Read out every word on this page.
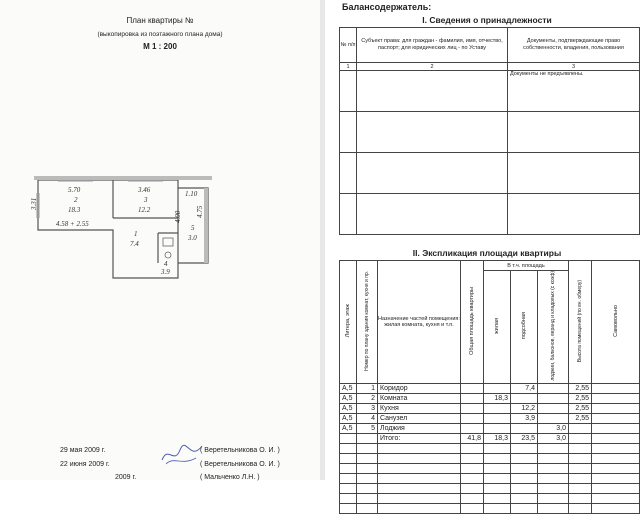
План квартиры №
(выкопировка из поэтажного плана дома)
М 1 : 200
5.70
2
18.3
3.46
3
12.2
3.31
1.10
4.75
4.00
4.58 + 2.55
1
7.4
4
3.9
5
3.0
29 мая 2009 г.	( Веретельникова О. И. )
22 июня 2009 г.	( Веретельникова О. И. )
2009 г.	( Мальченко Л.Н. )
Балансодержатель:
I. Сведения о принадлежности
№ п/п	Субъект права: для граждан - фамилия, имя, отчество, паспорт; для юридических лиц - по Уставу	Документы, подтверждающие право собственности, владения, пользования
1	2	3
		Документы не предъявлены.

II. Экспликация площади квартиры
Литера, этаж	Номер по плану здания комнат, кухни и пр.	Назначение частей помещения: жилая комната, кухня и т.п.	Общая площадь квартиры	В т.ч. площадь			Высота помещений (по вн. обмеру)	Самовольно
				жилая	подсобная	лоджии, балконов, веранд и кладовых (с коэф)		
А,5	1	Коридор			7,4		2,55	
А,5	2	Комната		18,3			2,55	
А,5	3	Кухня			12,2		2,55	
А,5	4	Санузел			3,9		2,55	
А,5	5	Лоджия				3,0		
		Итого:	41,8	18,3	23,5	3,0		
